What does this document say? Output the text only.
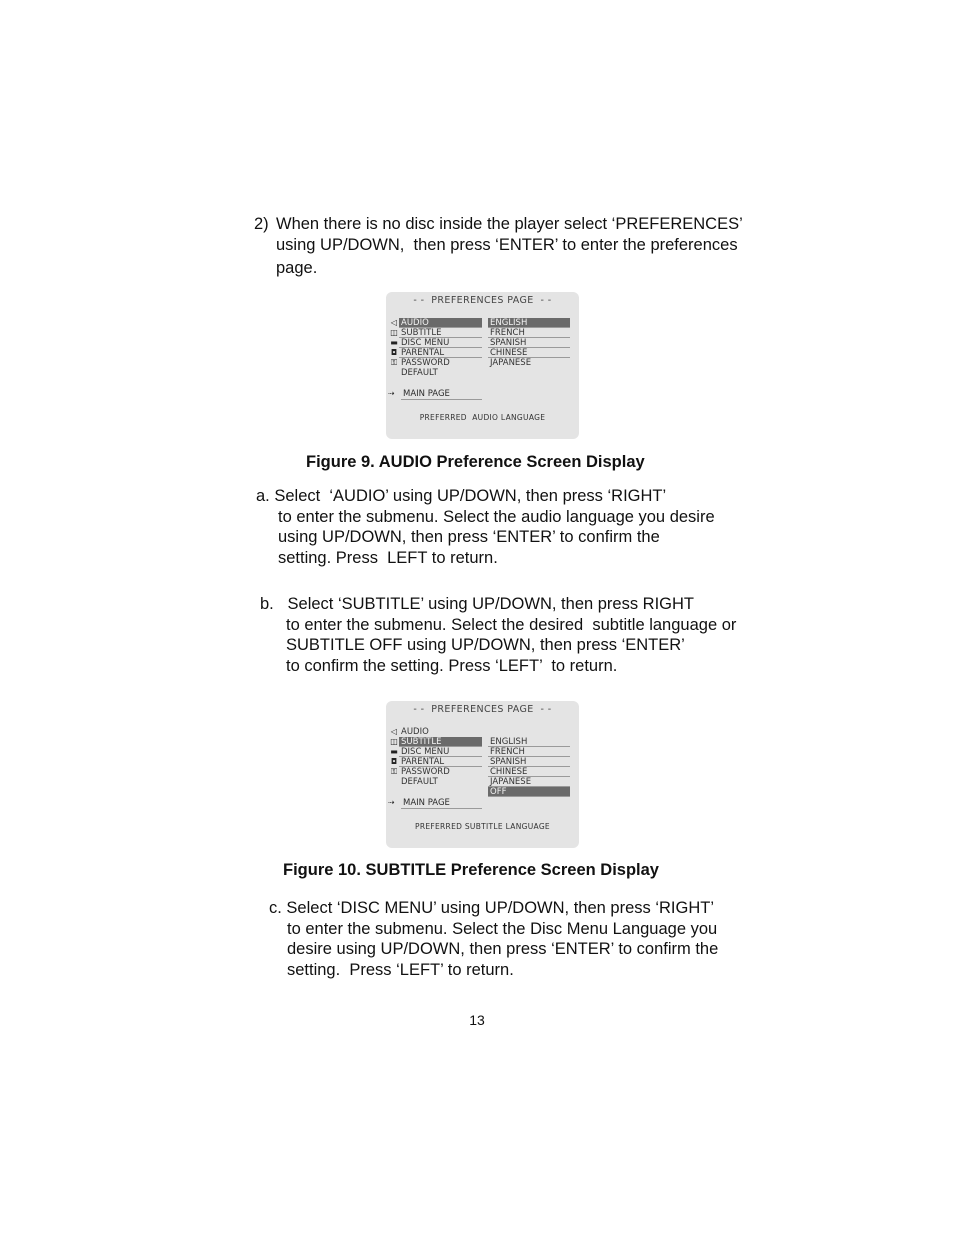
2) When there is no disc inside the player select ‘PREFERENCES’
using UP/DOWN,  then press ‘ENTER’ to enter the preferences
page.
- -  PREFERENCES PAGE  - -
◁
◫
▬
◘
⚿
AUDIO
SUBTITLE
DISC MENU
PARENTAL
PASSWORD
DEFAULT
ENGLISH
FRENCH
SPANISH
CHINESE
JAPANESE
⇢ MAIN PAGE
PREFERRED  AUDIO LANGUAGE
Figure 9. AUDIO Preference Screen Display
a. Select  ‘AUDIO’ using UP/DOWN, then press ‘RIGHT’
to enter the submenu. Select the audio language you desire
using UP/DOWN, then press ‘ENTER’ to confirm the
setting. Press  LEFT to return.
b.   Select ‘SUBTITLE’ using UP/DOWN, then press RIGHT
to enter the submenu. Select the desired  subtitle language or
SUBTITLE OFF using UP/DOWN, then press ‘ENTER’
to confirm the setting. Press ‘LEFT’  to return.
- -  PREFERENCES PAGE  - -
◁
◫
▬
◘
⚿
AUDIO
SUBTITLE
DISC MENU
PARENTAL
PASSWORD
DEFAULT
ENGLISH
FRENCH
SPANISH
CHINESE
JAPANESE
OFF
⇢ MAIN PAGE
PREFERRED SUBTITLE LANGUAGE
Figure 10. SUBTITLE Preference Screen Display
c. Select ‘DISC MENU’ using UP/DOWN, then press ‘RIGHT’
to enter the submenu. Select the Disc Menu Language you
desire using UP/DOWN, then press ‘ENTER’ to confirm the
setting.  Press ‘LEFT’ to return.
13
